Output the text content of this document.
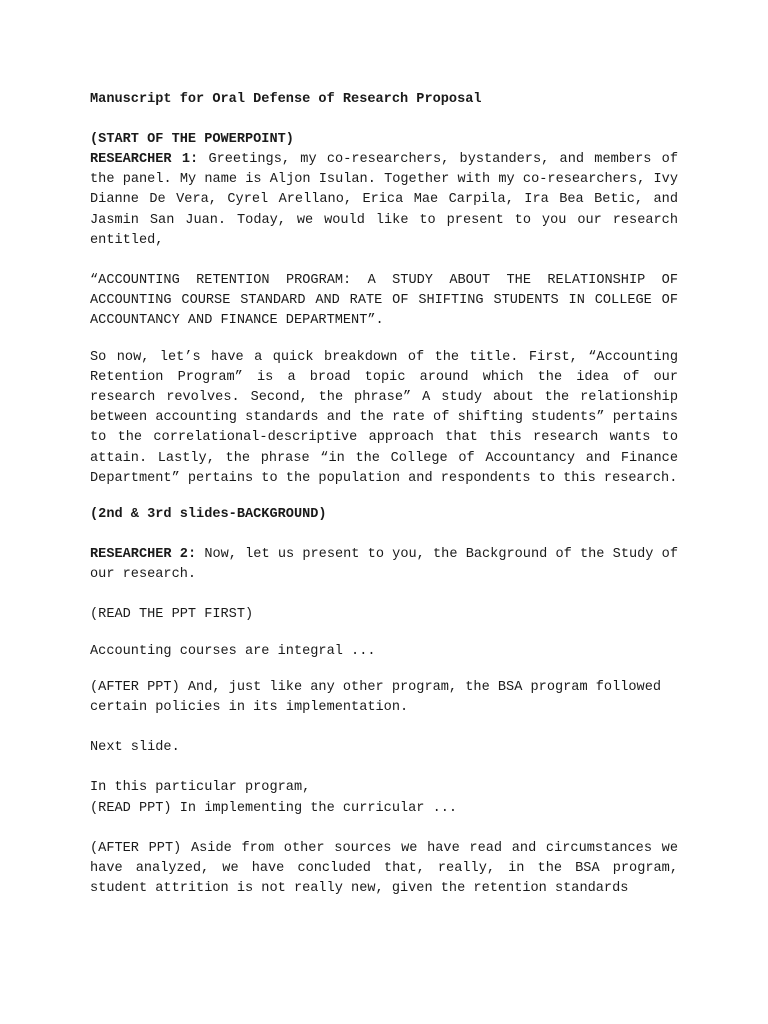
Manuscript for Oral Defense of Research Proposal

(START OF THE POWERPOINT)

RESEARCHER 1: Greetings, my co-researchers, bystanders, and members of the panel. My name is Aljon Isulan. Together with my co-researchers, Ivy Dianne De Vera, Cyrel Arellano, Erica Mae Carpila, Ira Bea Betic, and Jasmin San Juan. Today, we would like to present to you our research entitled,

“ACCOUNTING RETENTION PROGRAM: A STUDY ABOUT THE RELATIONSHIP OF ACCOUNTING COURSE STANDARD AND RATE OF SHIFTING STUDENTS IN COLLEGE OF ACCOUNTANCY AND FINANCE DEPARTMENT”.

So now, let’s have a quick breakdown of the title. First, “Accounting Retention Program” is a broad topic around which the idea of our research revolves. Second, the phrase” A study about the relationship between accounting standards and the rate of shifting students” pertains to the correlational-descriptive approach that this research wants to attain. Lastly, the phrase “in the College of Accountancy and Finance Department” pertains to the population and respondents to this research.

(2nd & 3rd slides-BACKGROUND)

RESEARCHER 2: Now, let us present to you, the Background of the Study of our research.

(READ THE PPT FIRST)

Accounting courses are integral ...

(AFTER PPT) And, just like any other program, the BSA program followed certain policies in its implementation.

Next slide.

In this particular program,

(READ PPT) In implementing the curricular ...

(AFTER PPT) Aside from other sources we have read and circumstances we have analyzed, we have concluded that, really, in the BSA program, student attrition is not really new, given the retention standards
